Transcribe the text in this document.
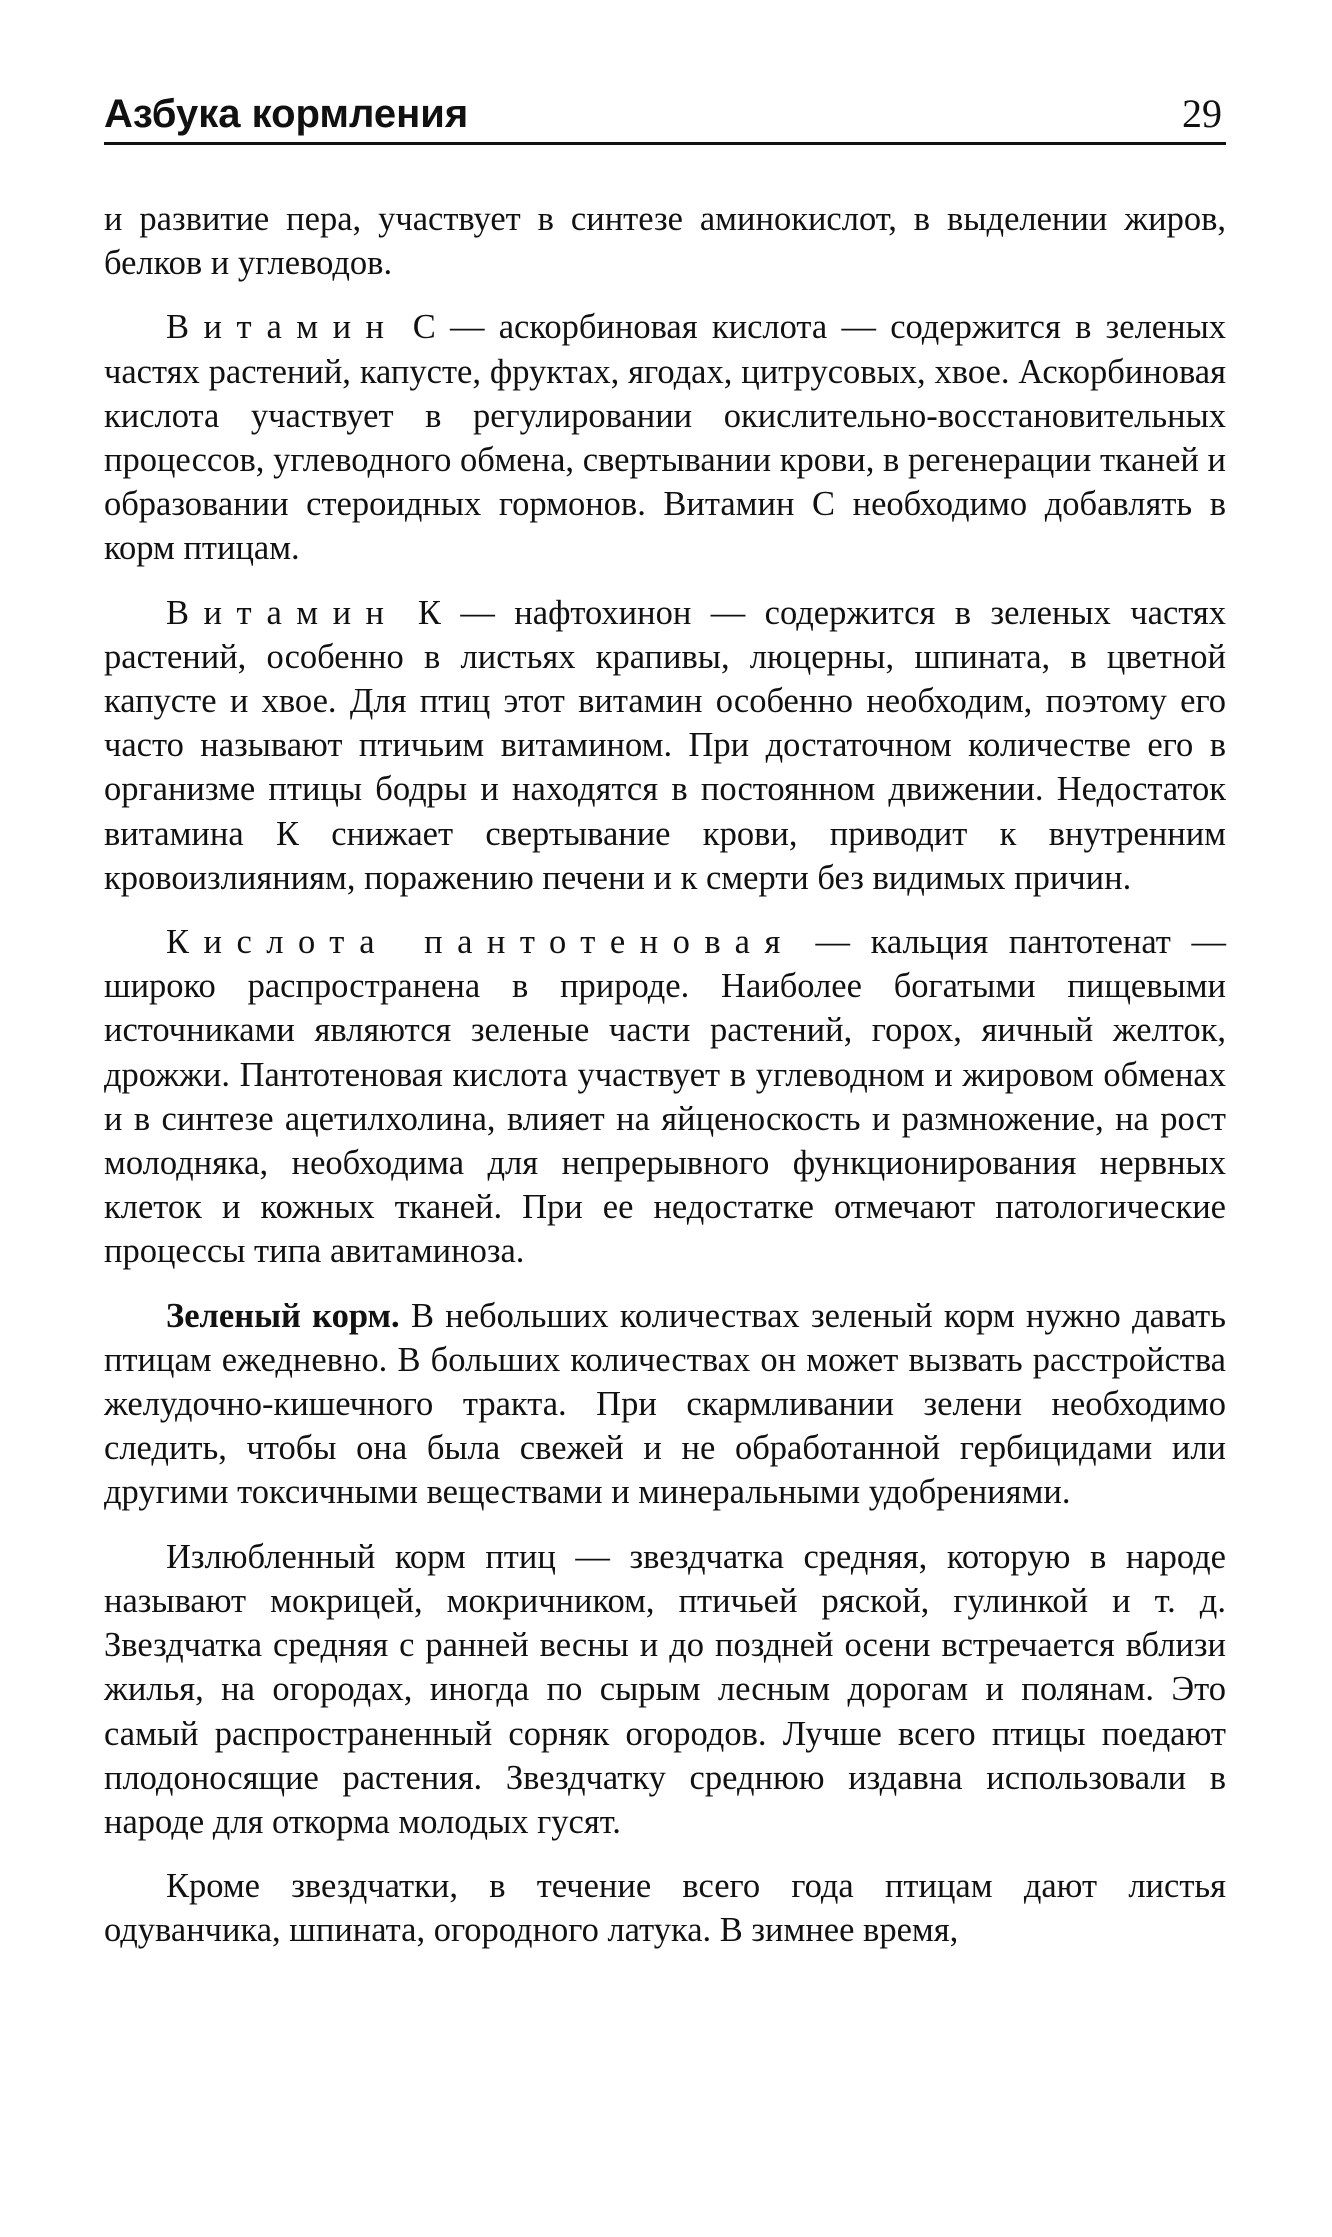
Азбука кормления	29

и развитие пера, участвует в синтезе аминокислот, в выделении жиров, белков и углеводов.

Витамин С — аскорбиновая кислота — содержится в зеленых частях растений, капусте, фруктах, ягодах, цитрусовых, хвое. Аскорбиновая кислота участвует в регулировании окислительно-восстановительных процессов, углеводного обмена, свертывании крови, в регенерации тканей и образовании стероидных гормонов. Витамин С необходимо добавлять в корм птицам.

Витамин К — нафтохинон — содержится в зеленых частях растений, особенно в листьях крапивы, люцерны, шпината, в цветной капусте и хвое. Для птиц этот витамин особенно необходим, поэтому его часто называют птичьим витамином. При достаточном количестве его в организме птицы бодры и находятся в постоянном движении. Недостаток витамина К снижает свертывание крови, приводит к внутренним кровоизлияниям, поражению печени и к смерти без видимых причин.

Кислота пантотеновая — кальция пантотенат — широко распространена в природе. Наиболее богатыми пищевыми источниками являются зеленые части растений, горох, яичный желток, дрожжи. Пантотеновая кислота участвует в углеводном и жировом обменах и в синтезе ацетилхолина, влияет на яйценоскость и размножение, на рост молодняка, необходима для непрерывного функционирования нервных клеток и кожных тканей. При ее недостатке отмечают патологические процессы типа авитаминоза.

Зеленый корм. В небольших количествах зеленый корм нужно давать птицам ежедневно. В больших количествах он может вызвать расстройства желудочно-кишечного тракта. При скармливании зелени необходимо следить, чтобы она была свежей и не обработанной гербицидами или другими токсичными веществами и минеральными удобрениями.

Излюбленный корм птиц — звездчатка средняя, которую в народе называют мокрицей, мокричником, птичьей ряской, гулинкой и т. д. Звездчатка средняя с ранней весны и до поздней осени встречается вблизи жилья, на огородах, иногда по сырым лесным дорогам и полянам. Это самый распространенный сорняк огородов. Лучше всего птицы поедают плодоносящие растения. Звездчатку среднюю издавна использовали в народе для откорма молодых гусят.

Кроме звездчатки, в течение всего года птицам дают листья одуванчика, шпината, огородного латука. В зимнее время,
